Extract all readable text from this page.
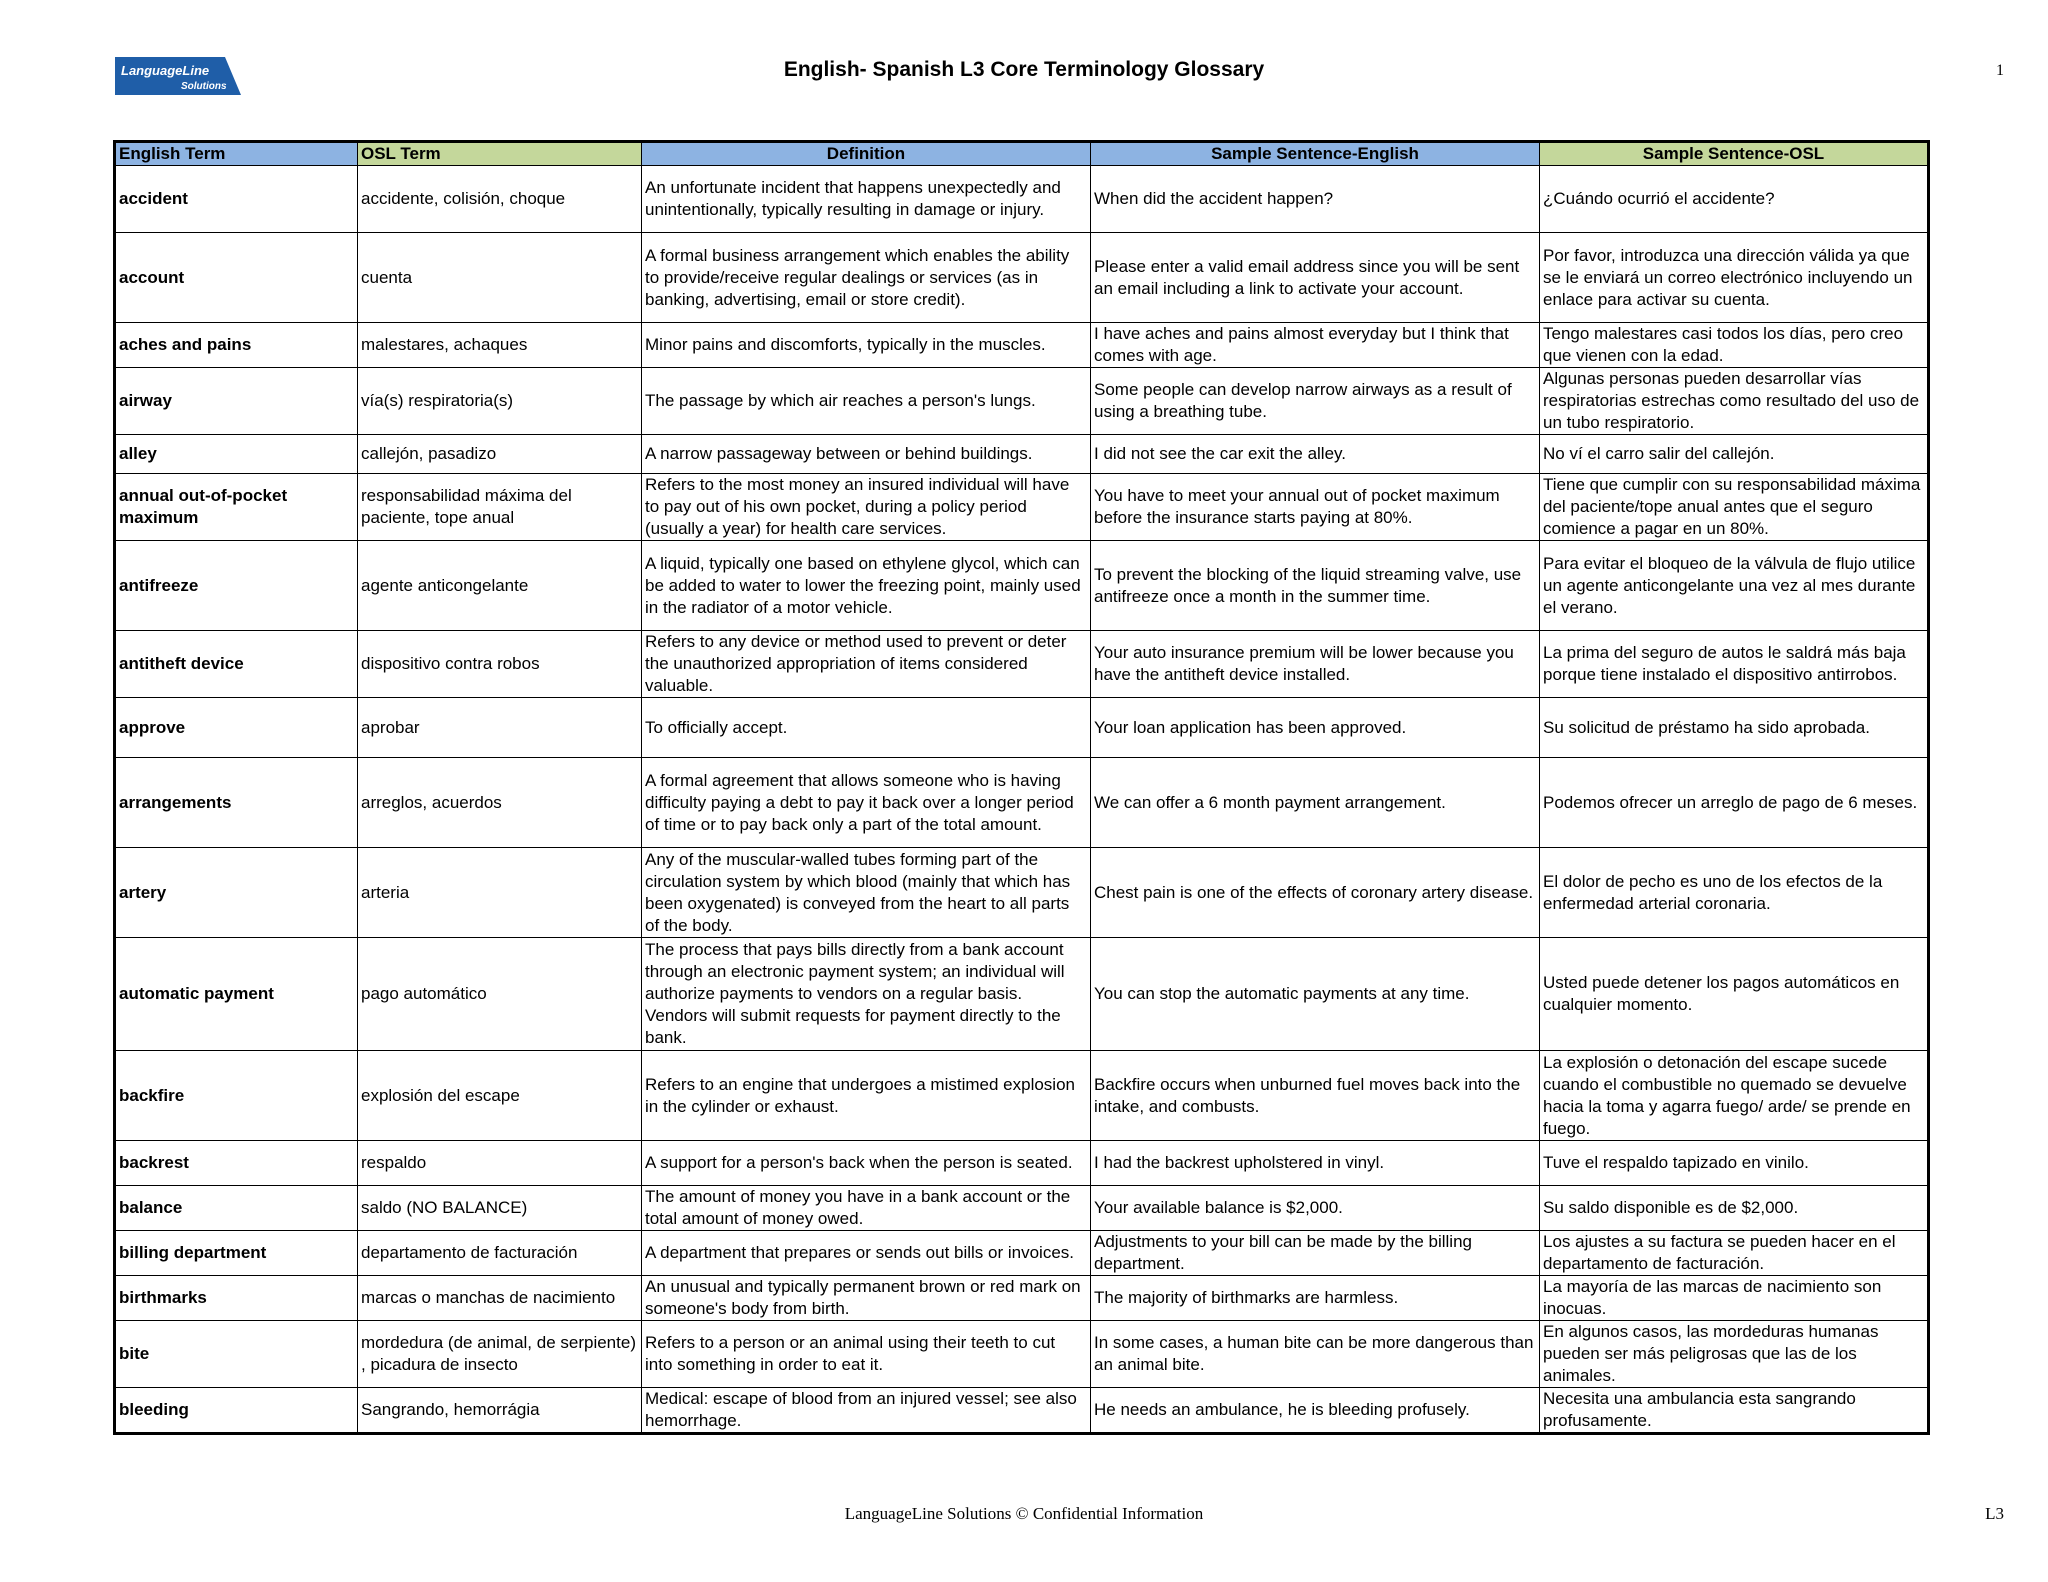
LanguageLine
Solutions
English- Spanish L3 Core Terminology Glossary	1
English Term	OSL Term	Definition	Sample Sentence-English	Sample Sentence-OSL
accident	accidente, colisión, choque	An unfortunate incident that happens unexpectedly and unintentionally, typically resulting in damage or injury.	When did the accident happen?	¿Cuándo ocurrió el accidente?
account	cuenta	A formal business arrangement which enables the ability to provide/receive regular dealings or services (as in banking, advertising, email or store credit).	Please enter a valid email address since you will be sent an email including a link to activate your account.	Por favor, introduzca una dirección válida ya que se le enviará un correo electrónico incluyendo un enlace para activar su cuenta.
aches and pains	malestares, achaques	Minor pains and discomforts, typically in the muscles.	I have aches and pains almost everyday but I think that comes with age.	Tengo malestares casi todos los días, pero creo que vienen con la edad.
airway	vía(s) respiratoria(s)	The passage by which air reaches a person's lungs.	Some people can develop narrow airways as a result of using a breathing tube.	Algunas personas pueden desarrollar vías respiratorias estrechas como resultado del uso de un tubo respiratorio.
alley	callejón, pasadizo	A narrow passageway between or behind buildings.	I did not see the car exit the alley.	No ví el carro salir del callejón.
annual out-of-pocket maximum	responsabilidad máxima del paciente, tope anual	Refers to the most money an insured individual will have to pay out of his own pocket, during a policy period (usually a year) for health care services.	You have to meet your annual out of pocket maximum before the insurance starts paying at 80%.	Tiene que cumplir con su responsabilidad máxima del paciente/tope anual antes que el seguro comience a pagar en un 80%.
antifreeze	agente anticongelante	A liquid, typically one based on ethylene glycol, which can be added to water to lower the freezing point, mainly used in the radiator of a motor vehicle.	To prevent the blocking of the liquid streaming valve, use antifreeze once a month in the summer time.	Para evitar el bloqueo de la válvula de flujo utilice un agente anticongelante una vez al mes durante el verano.
antitheft device	dispositivo contra robos	Refers to any device or method used to prevent or deter the unauthorized appropriation of items considered valuable.	Your auto insurance premium will be lower because you have the antitheft device installed.	La prima del seguro de autos le saldrá más baja porque tiene instalado el dispositivo antirrobos.
approve	aprobar	To officially accept.	Your loan application has been approved.	Su solicitud de préstamo ha sido aprobada.
arrangements	arreglos, acuerdos	A formal agreement that allows someone who is having difficulty paying a debt to pay it back over a longer period of time or to pay back only a part of the total amount.	We can offer a 6 month payment arrangement.	Podemos ofrecer un arreglo de pago de 6 meses.
artery	arteria	Any of the muscular-walled tubes forming part of the circulation system by which blood (mainly that which has been oxygenated) is conveyed from the heart to all parts of the body.	Chest pain is one of the effects of coronary artery disease.	El dolor de pecho es uno de los efectos de la enfermedad arterial coronaria.
automatic payment	pago automático	The process that pays bills directly from a bank account through an electronic payment system; an individual will authorize payments to vendors on a regular basis. Vendors will submit requests for payment directly to the bank.	You can stop the automatic payments at any time.	Usted puede detener los pagos automáticos en cualquier momento.
backfire	explosión del escape	Refers to an engine that undergoes a mistimed explosion in the cylinder or exhaust.	Backfire occurs when unburned fuel moves back into the intake, and combusts.	La explosión o detonación del escape sucede cuando el combustible no quemado se devuelve hacia la toma y agarra fuego/ arde/ se prende en fuego.
backrest	respaldo	A support for a person's back when the person is seated.	I had the backrest upholstered in vinyl.	Tuve el respaldo tapizado en vinilo.
balance	saldo (NO BALANCE)	The amount of money you have in a bank account or the total amount of money owed.	Your available balance is $2,000.	Su saldo disponible es de $2,000.
billing department	departamento de facturación	A department that prepares or sends out bills or invoices.	Adjustments to your bill can be made by the billing department.	Los ajustes a su factura se pueden hacer en el departamento de facturación.
birthmarks	marcas o manchas de nacimiento	An unusual and typically permanent brown or red mark on someone's body from birth.	The majority of birthmarks are harmless.	La mayoría de las marcas de nacimiento son inocuas.
bite	mordedura (de animal, de serpiente) , picadura de insecto	Refers to a person or an animal using their teeth to cut into something in order to eat it.	In some cases, a human bite can be more dangerous than an animal bite.	En algunos casos, las mordeduras humanas pueden ser más peligrosas que las de los animales.
bleeding	Sangrando, hemorrágia	Medical: escape of blood from an injured vessel; see also hemorrhage.	He needs an ambulance, he is bleeding profusely.	Necesita una ambulancia esta sangrando profusamente.
LanguageLine Solutions © Confidential Information	L3
